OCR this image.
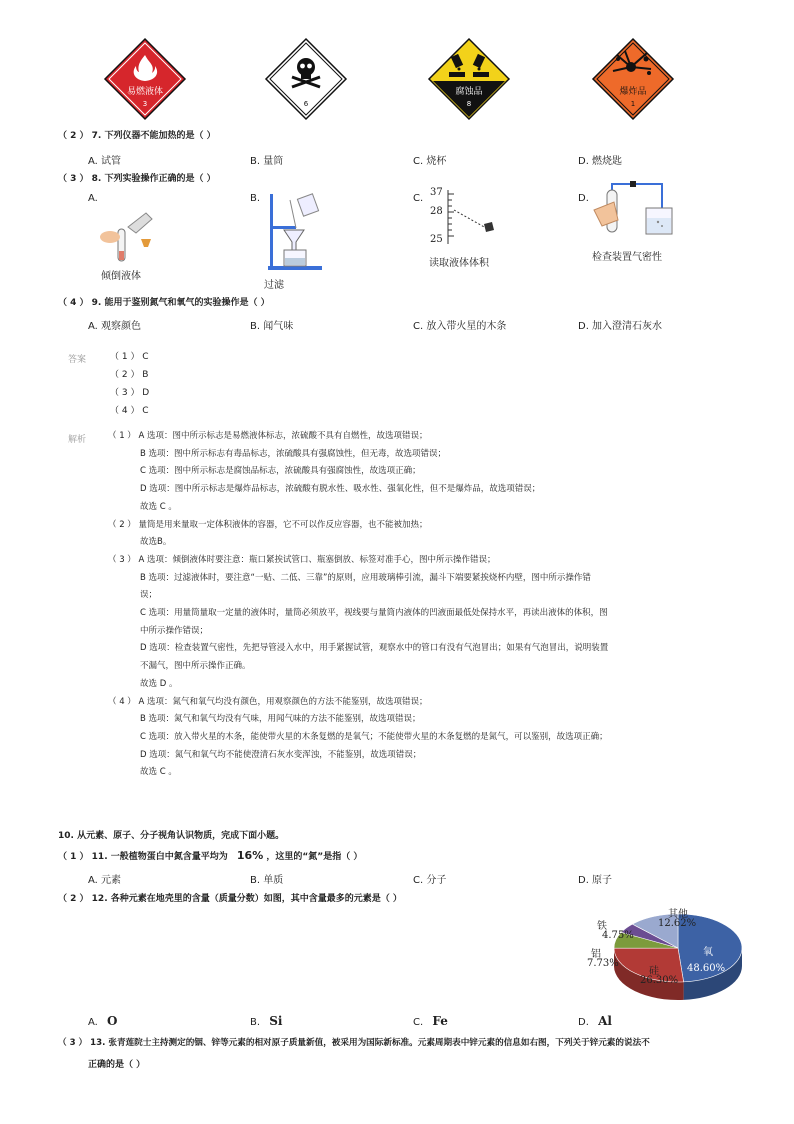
易燃液体
3	6
腐蚀品
8
爆炸品
1
（ 2 ） 7. 下列仪器不能加热的是（ ）
A. 试管	B. 量筒	C. 烧杯	D. 燃烧匙
（ 3 ） 8. 下列实验操作正确的是（ ）
A.	B.	C.	D.
倾倒液体
过滤
37
28
25
读取液体体积
检查装置气密性
（ 4 ） 9. 能用于鉴别氮气和氧气的实验操作是（ ）
A. 观察颜色	B. 闻气味	C. 放入带火星的木条	D. 加入澄清石灰水
答案	（ 1 ） C
（ 2 ） B
（ 3 ） D
（ 4 ） C
解析	（ 1 ） A 选项：图中所示标志是易燃液体标志，浓硫酸不具有自燃性，故选项错误；
B 选项：图中所示标志有毒品标志，浓硫酸具有强腐蚀性，但无毒，故选项错误；
C 选项：图中所示标志是腐蚀品标志，浓硫酸具有强腐蚀性，故选项正确；
D 选项：图中所示标志是爆炸品标志，浓硫酸有脱水性、吸水性、强氧化性，但不是爆炸品，故选项错误；
故选 C 。
（ 2 ） 量筒是用来量取一定体积液体的容器，它不可以作反应容器，也不能被加热；
故选B。
（ 3 ） A 选项：倾倒液体时要注意：瓶口紧挨试管口、瓶塞倒放、标签对准手心，图中所示操作错误；
B 选项：过滤液体时，要注意“一贴、二低、三靠”的原则，应用玻璃棒引流，漏斗下端要紧挨烧杯内壁，图中所示操作错
误；
C 选项：用量筒量取一定量的液体时，量筒必须放平，视线要与量筒内液体的凹液面最低处保持水平，再读出液体的体积，图
中所示操作错误；
D 选项：检查装置气密性，先把导管浸入水中，用手紧握试管，观察水中的管口有没有气泡冒出；如果有气泡冒出，说明装置
不漏气，图中所示操作正确。
故选 D 。
（ 4 ） A 选项：氮气和氧气均没有颜色，用观察颜色的方法不能鉴别，故选项错误；
B 选项：氮气和氧气均没有气味，用闻气味的方法不能鉴别，故选项错误；
C 选项：放入带火星的木条，能使带火星的木条复燃的是氧气；不能使带火星的木条复燃的是氮气，可以鉴别，故选项正确；
D 选项：氮气和氧气均不能使澄清石灰水变浑浊，不能鉴别，故选项错误；
故选 C 。
10. 从元素、原子、分子视角认识物质，完成下面小题。
（ 1 ） 11. 一般植物蛋白中氮含量平均为 16% ，这里的“氮”是指（ ）
A. 元素	B. 单质	C. 分子	D. 原子
（ 2 ） 12. 各种元素在地壳里的含量（质量分数）如图，其中含量最多的元素是（ ）
其他
12.62%
铁
4.75%
铝
7.73%
氧
48.60%
硅
26.30%
A. O	B. Si	C. Fe	D. Al
（ 3 ） 13. 张青莲院士主持测定的铟、锌等元素的相对原子质量新值，被采用为国际新标准。元素周期表中锌元素的信息如右图，下列关于锌元素的说法不
正确的是（ ）
